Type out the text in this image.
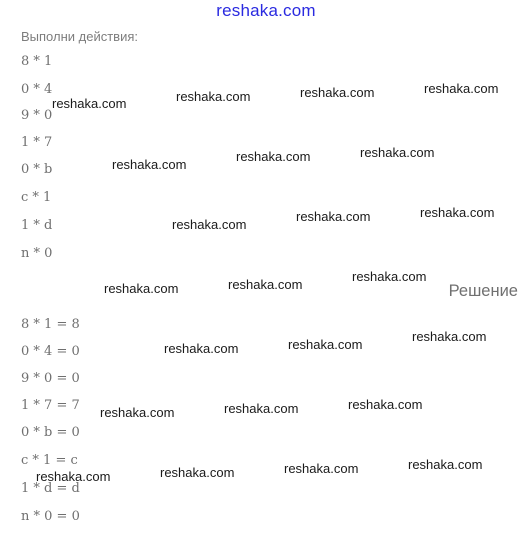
reshaka.com
Выполни действия:
8 * 1
0 * 4
9 * 0
1 * 7
0 * b
c * 1
1 * d
n * 0
Решение
8 * 1 = 8
0 * 4 = 0
9 * 0 = 0
1 * 7 = 7
0 * b = 0
c * 1 = c
1 * d = d
n * 0 = 0
reshaka.com	reshaka.com	reshaka.com	reshaka.com
reshaka.com
reshaka.com	reshaka.com
reshaka.com
reshaka.com	reshaka.com
reshaka.com	reshaka.com
reshaka.com
reshaka.com	reshaka.com
reshaka.com
reshaka.com	reshaka.com	reshaka.com
reshaka.com	reshaka.com	reshaka.com	reshaka.com
